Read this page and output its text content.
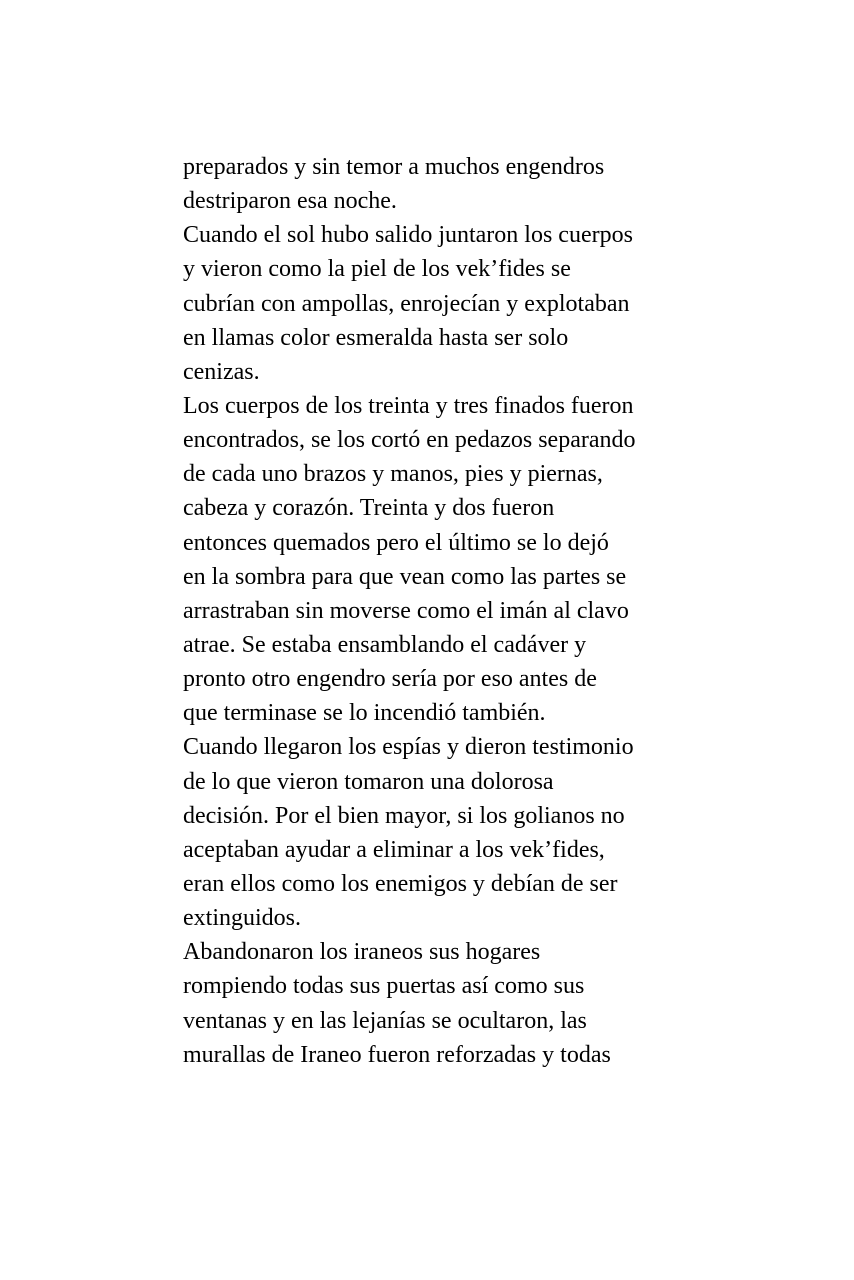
preparados y sin temor a muchos engendros
destriparon esa noche.
Cuando el sol hubo salido juntaron los cuerpos
y vieron como la piel de los vek’fides se
cubrían con ampollas, enrojecían y explotaban
en llamas color esmeralda hasta ser solo
cenizas.
Los cuerpos de los treinta y tres finados fueron
encontrados, se los cortó en pedazos separando
de cada uno brazos y manos, pies y piernas,
cabeza y corazón. Treinta y dos fueron
entonces quemados pero el último se lo dejó
en la sombra para que vean como las partes se
arrastraban sin moverse como el imán al clavo
atrae. Se estaba ensamblando el cadáver y
pronto otro engendro sería por eso antes de
que terminase se lo incendió también.
Cuando llegaron los espías y dieron testimonio
de lo que vieron tomaron una dolorosa
decisión. Por el bien mayor, si los golianos no
aceptaban ayudar a eliminar a los vek’fides,
eran ellos como los enemigos y debían de ser
extinguidos.
Abandonaron los iraneos sus hogares
rompiendo todas sus puertas así como sus
ventanas y en las lejanías se ocultaron, las
murallas de Iraneo fueron reforzadas y todas
